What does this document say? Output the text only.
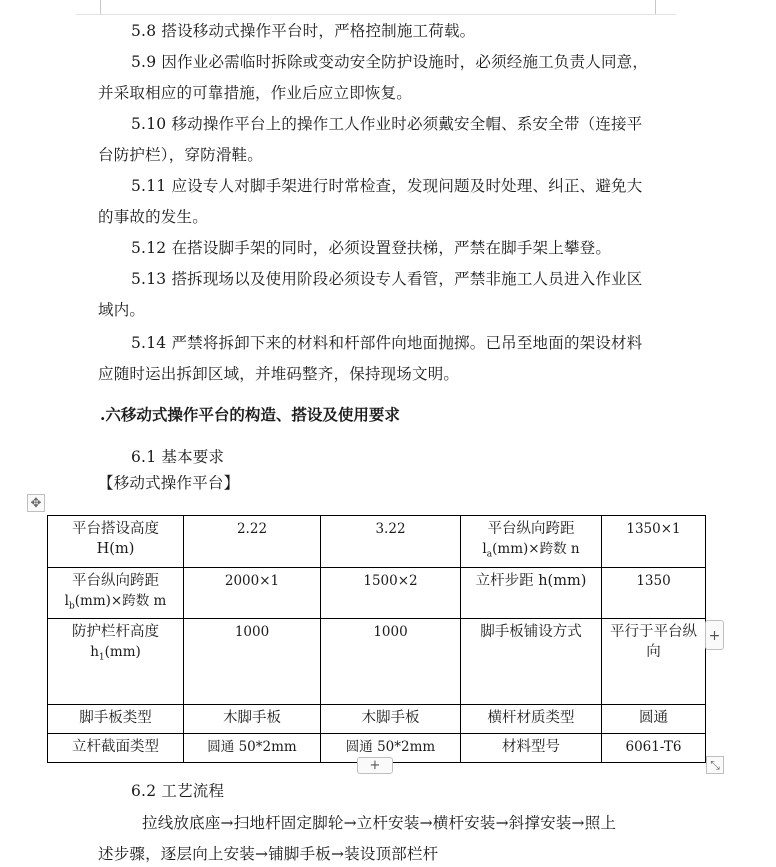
5.8 搭设移动式操作平台时，严格控制施工荷载。
5.9 因作业必需临时拆除或变动安全防护设施时，必须经施工负责人同意，
并采取相应的可靠措施，作业后应立即恢复。
5.10 移动操作平台上的操作工人作业时必须戴安全帽、系安全带（连接平
台防护栏），穿防滑鞋。
5.11 应设专人对脚手架进行时常检查，发现问题及时处理、纠正、避免大
的事故的发生。
5.12 在搭设脚手架的同时，必须设置登扶梯，严禁在脚手架上攀登。
5.13 搭拆现场以及使用阶段必须设专人看管，严禁非施工人员进入作业区
域内。
5.14 严禁将拆卸下来的材料和杆部件向地面抛掷。已吊至地面的架设材料
应随时运出拆卸区域，并堆码整齐，保持现场文明。
.六移动式操作平台的构造、搭设及使用要求
6.1 基本要求
【移动式操作平台】
✥
平台搭设高度
H(m)	2.22	3.22	平台纵向跨距
$l_a(mm)\times$跨数 n	1350×1
平台纵向跨距
$l_b(mm)\times$跨数 m	2000×1	1500×2	立杆步距 h(mm)	1350
防护栏杆高度
$h_1(mm)$	1000	1000	脚手板铺设方式	平行于平台纵向
脚手板类型	木脚手板	木脚手板	横杆材质类型	圆通
立杆截面类型	圆通 50*2mm	圆通 50*2mm	材料型号	6061-T6
+
+	⤡
6.2 工艺流程
拉线放底座→扫地杆固定脚轮→立杆安装→横杆安装→斜撑安装→照上
述步骤，逐层向上安装→铺脚手板→装设顶部栏杆
